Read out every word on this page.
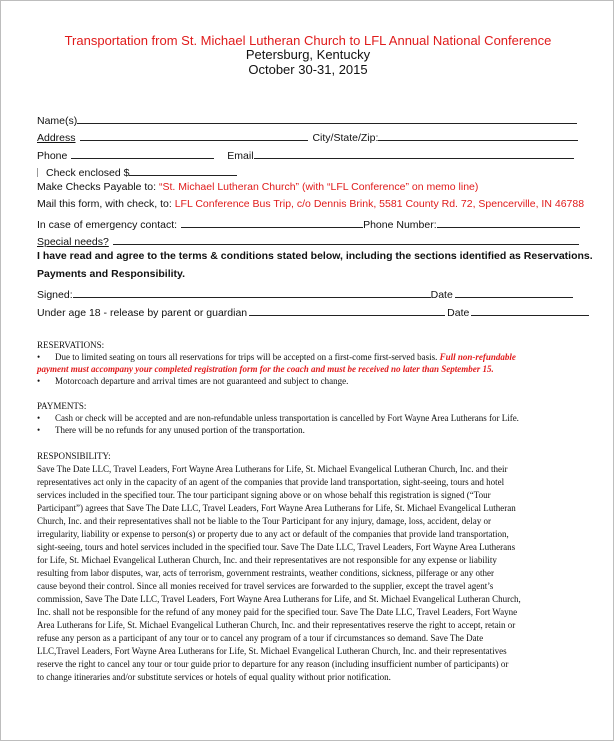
Transportation from St. Michael Lutheran Church to LFL Annual National Conference
Petersburg, Kentucky
October 30-31, 2015
Name(s)
Address	City/State/Zip:
Phone	Email
Check enclosed $
Make Checks Payable to: “St. Michael Lutheran Church” (with “LFL Conference” on memo line)
Mail this form, with check, to: LFL Conference Bus Trip, c/o Dennis Brink, 5581 County Rd. 72, Spencerville, IN 46788
In case of emergency contact:	Phone Number:
Special needs?
I have read and agree to the terms & conditions stated below, including the sections identified as Reservations.
Payments and Responsibility.
Signed:	Date
Under age 18 - release by parent or guardian	Date
RESERVATIONS:
• Due to limited seating on tours all reservations for trips will be accepted on a first-come first-served basis. Full non-refundable
payment must accompany your completed registration form for the coach and must be received no later than September 15.
• Motorcoach departure and arrival times are not guaranteed and subject to change.
PAYMENTS:
• Cash or check will be accepted and are non-refundable unless transportation is cancelled by Fort Wayne Area Lutherans for Life.
• There will be no refunds for any unused portion of the transportation.
RESPONSIBILITY:
Save The Date LLC, Travel Leaders, Fort Wayne Area Lutherans for Life, St. Michael Evangelical Lutheran Church, Inc. and their
representatives act only in the capacity of an agent of the companies that provide land transportation, sight-seeing, tours and hotel
services included in the specified tour. The tour participant signing above or on whose behalf this registration is signed (“Tour
Participant”) agrees that Save The Date LLC, Travel Leaders, Fort Wayne Area Lutherans for Life, St. Michael Evangelical Lutheran
Church, Inc. and their representatives shall not be liable to the Tour Participant for any injury, damage, loss, accident, delay or
irregularity, liability or expense to person(s) or property due to any act or default of the companies that provide land transportation,
sight-seeing, tours and hotel services included in the specified tour. Save The Date LLC, Travel Leaders, Fort Wayne Area Lutherans
for Life, St. Michael Evangelical Lutheran Church, Inc. and their representatives are not responsible for any expense or liability
resulting from labor disputes, war, acts of terrorism, government restraints, weather conditions, sickness, pilferage or any other
cause beyond their control. Since all monies received for travel services are forwarded to the supplier, except the travel agent’s
commission, Save The Date LLC, Travel Leaders, Fort Wayne Area Lutherans for Life, and St. Michael Evangelical Lutheran Church,
Inc. shall not be responsible for the refund of any money paid for the specified tour. Save The Date LLC, Travel Leaders, Fort Wayne
Area Lutherans for Life, St. Michael Evangelical Lutheran Church, Inc. and their representatives reserve the right to accept, retain or
refuse any person as a participant of any tour or to cancel any program of a tour if circumstances so demand. Save The Date
LLC,Travel Leaders, Fort Wayne Area Lutherans for Life, St. Michael Evangelical Lutheran Church, Inc. and their representatives
reserve the right to cancel any tour or tour guide prior to departure for any reason (including insufficient number of participants) or
to change itineraries and/or substitute services or hotels of equal quality without prior notification.
